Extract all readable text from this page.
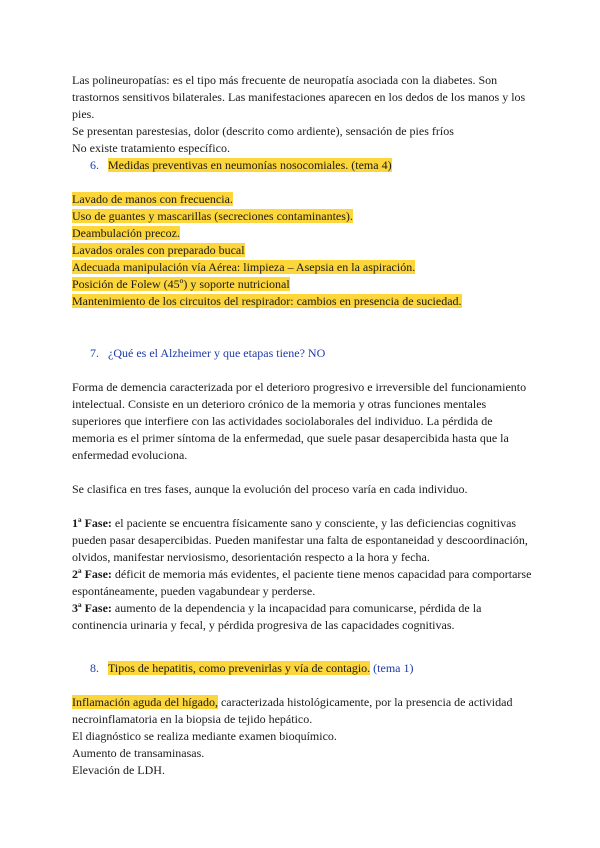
Las polineuropatías: es el tipo más frecuente de neuropatía asociada con la diabetes. Son trastornos sensitivos bilaterales. Las manifestaciones aparecen en los dedos de los manos y los pies.

Se presentan parestesias, dolor (descrito como ardiente), sensación de pies fríos

No existe tratamiento específico.

6. Medidas preventivas en neumonías nosocomiales. (tema 4)

Lavado de manos con frecuencia.

Uso de guantes y mascarillas (secreciones contaminantes).

Deambulación precoz.

Lavados orales con preparado bucal

Adecuada manipulación vía Aérea: limpieza – Asepsia en la aspiración.

Posición de Folew (45º) y soporte nutricional

Mantenimiento de los circuitos del respirador: cambios en presencia de suciedad.

7. ¿Qué es el Alzheimer y que etapas tiene? NO

Forma de demencia caracterizada por el deterioro progresivo e irreversible del funcionamiento intelectual. Consiste en un deterioro crónico de la memoria y otras funciones mentales superiores que interfiere con las actividades sociolaborales del individuo. La pérdida de memoria es el primer síntoma de la enfermedad, que suele pasar desapercibida hasta que la enfermedad evoluciona.

Se clasifica en tres fases, aunque la evolución del proceso varía en cada individuo.

1ª Fase: el paciente se encuentra físicamente sano y consciente, y las deficiencias cognitivas pueden pasar desapercibidas. Pueden manifestar una falta de espontaneidad y descoordinación, olvidos, manifestar nerviosismo, desorientación respecto a la hora y fecha.

2ª Fase: déficit de memoria más evidentes, el paciente tiene menos capacidad para comportarse espontáneamente, pueden vagabundear y perderse.

3ª Fase: aumento de la dependencia y la incapacidad para comunicarse, pérdida de la continencia urinaria y fecal, y pérdida progresiva de las capacidades cognitivas.

8. Tipos de hepatitis, como prevenirlas y vía de contagio. (tema 1)

Inflamación aguda del hígado, caracterizada histológicamente, por la presencia de actividad necroinflamatoria en la biopsia de tejido hepático.

El diagnóstico se realiza mediante examen bioquímico.

Aumento de transaminasas.

Elevación de LDH.
